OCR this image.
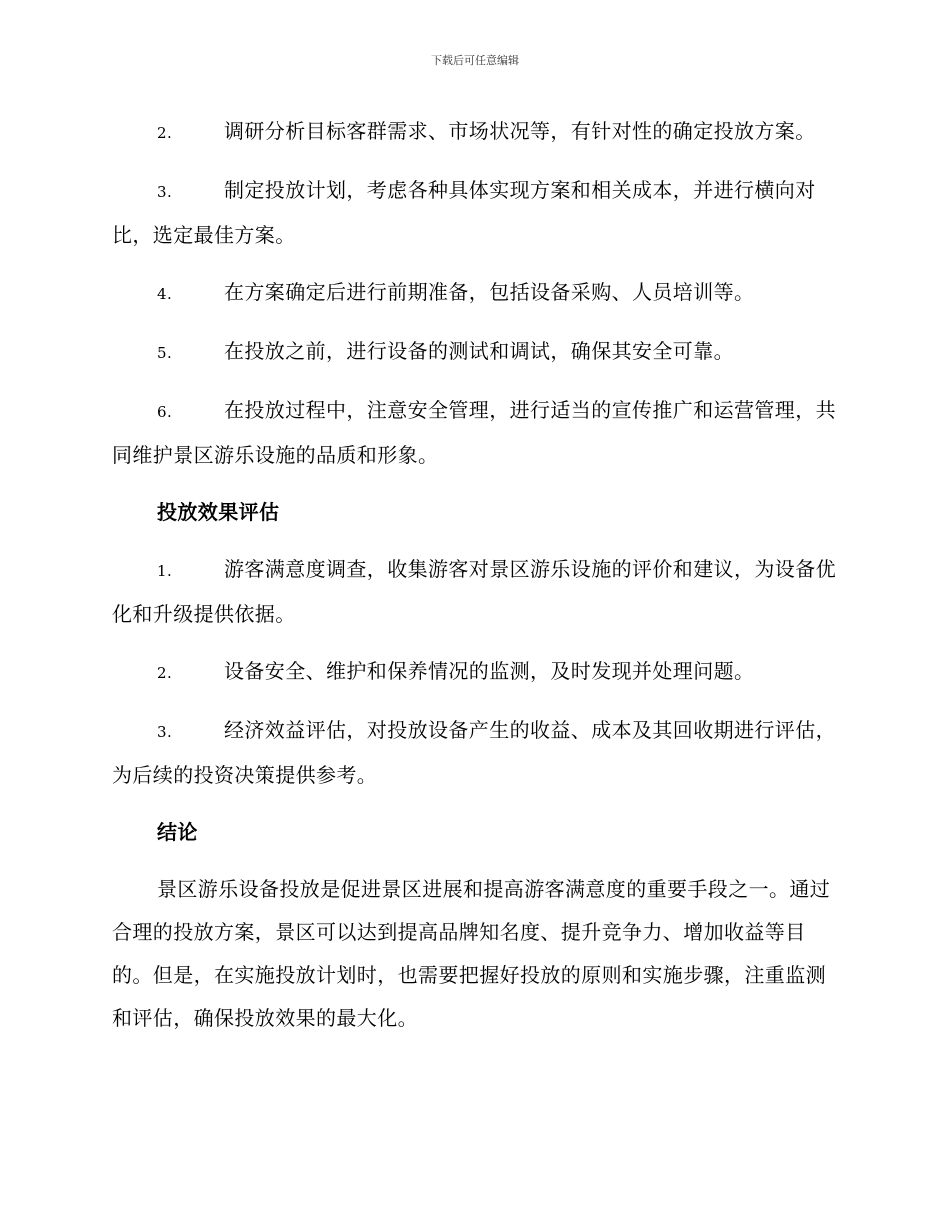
下载后可任意编辑

2.	调研分析目标客群需求、市场状况等，有针对性的确定投放方案。

3.	制定投放计划，考虑各种具体实现方案和相关成本，并进行横向对比，选定最佳方案。

4.	在方案确定后进行前期准备，包括设备采购、人员培训等。

5.	在投放之前，进行设备的测试和调试，确保其安全可靠。

6.	在投放过程中，注意安全管理，进行适当的宣传推广和运营管理，共同维护景区游乐设施的品质和形象。

投放效果评估

1.	游客满意度调查，收集游客对景区游乐设施的评价和建议，为设备优化和升级提供依据。

2.	设备安全、维护和保养情况的监测，及时发现并处理问题。

3.	经济效益评估，对投放设备产生的收益、成本及其回收期进行评估，为后续的投资决策提供参考。

结论

景区游乐设备投放是促进景区进展和提高游客满意度的重要手段之一。通过合理的投放方案，景区可以达到提高品牌知名度、提升竞争力、增加收益等目的。但是，在实施投放计划时，也需要把握好投放的原则和实施步骤，注重监测和评估，确保投放效果的最大化。
